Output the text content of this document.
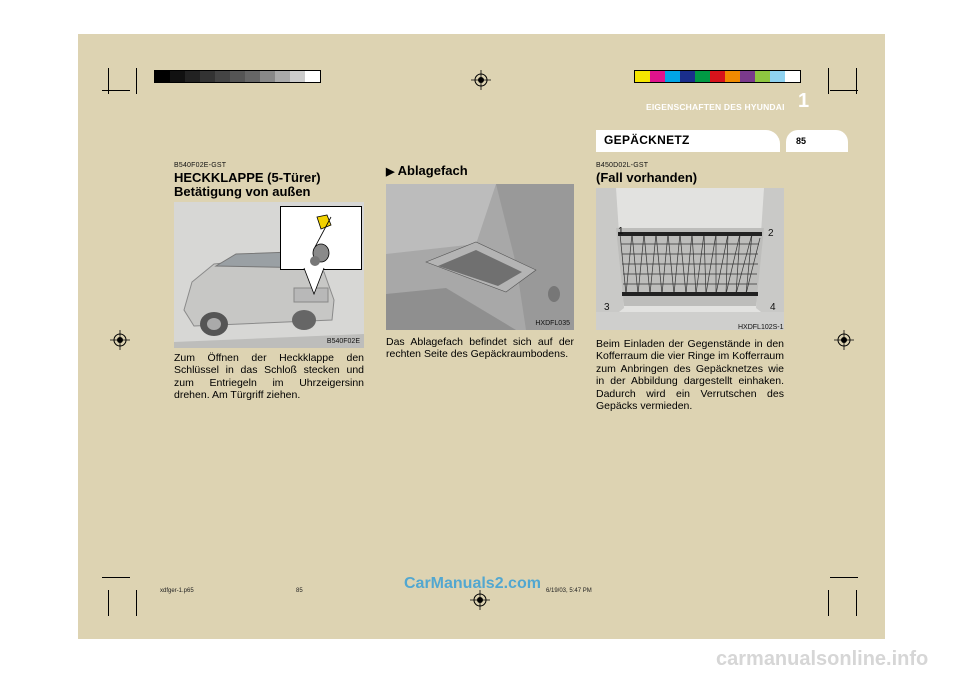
EIGENSCHAFTEN DES HYUNDAI 1
GEPÄCKNETZ	85
B540F02E-GST
HECKKLAPPE (5-Türer)
Betätigung von außen
B540F02E
Zum Öffnen der Heckklappe den Schlüssel in das Schloß stecken und zum Entriegeln im Uhrzeigersinn drehen. Am Türgriff ziehen.
▶ Ablagefach
HXDFL035
Das Ablagefach befindet sich auf der rechten Seite des Gepäckraumbodens.
B450D02L-GST
(Fall vorhanden)
1	2
3	4
HXDFL102S-1
Beim Einladen der Gegenstände in den Kofferraum die vier Ringe im Kofferraum zum Anbringen des Gepäcknetzes wie in der Abbildung dargestellt einhaken. Dadurch wird ein Verrutschen des Gepäcks vermieden.
xdfger-1.p65	85	6/19/03, 5:47 PM
CarManuals2.com
carmanualsonline.info
